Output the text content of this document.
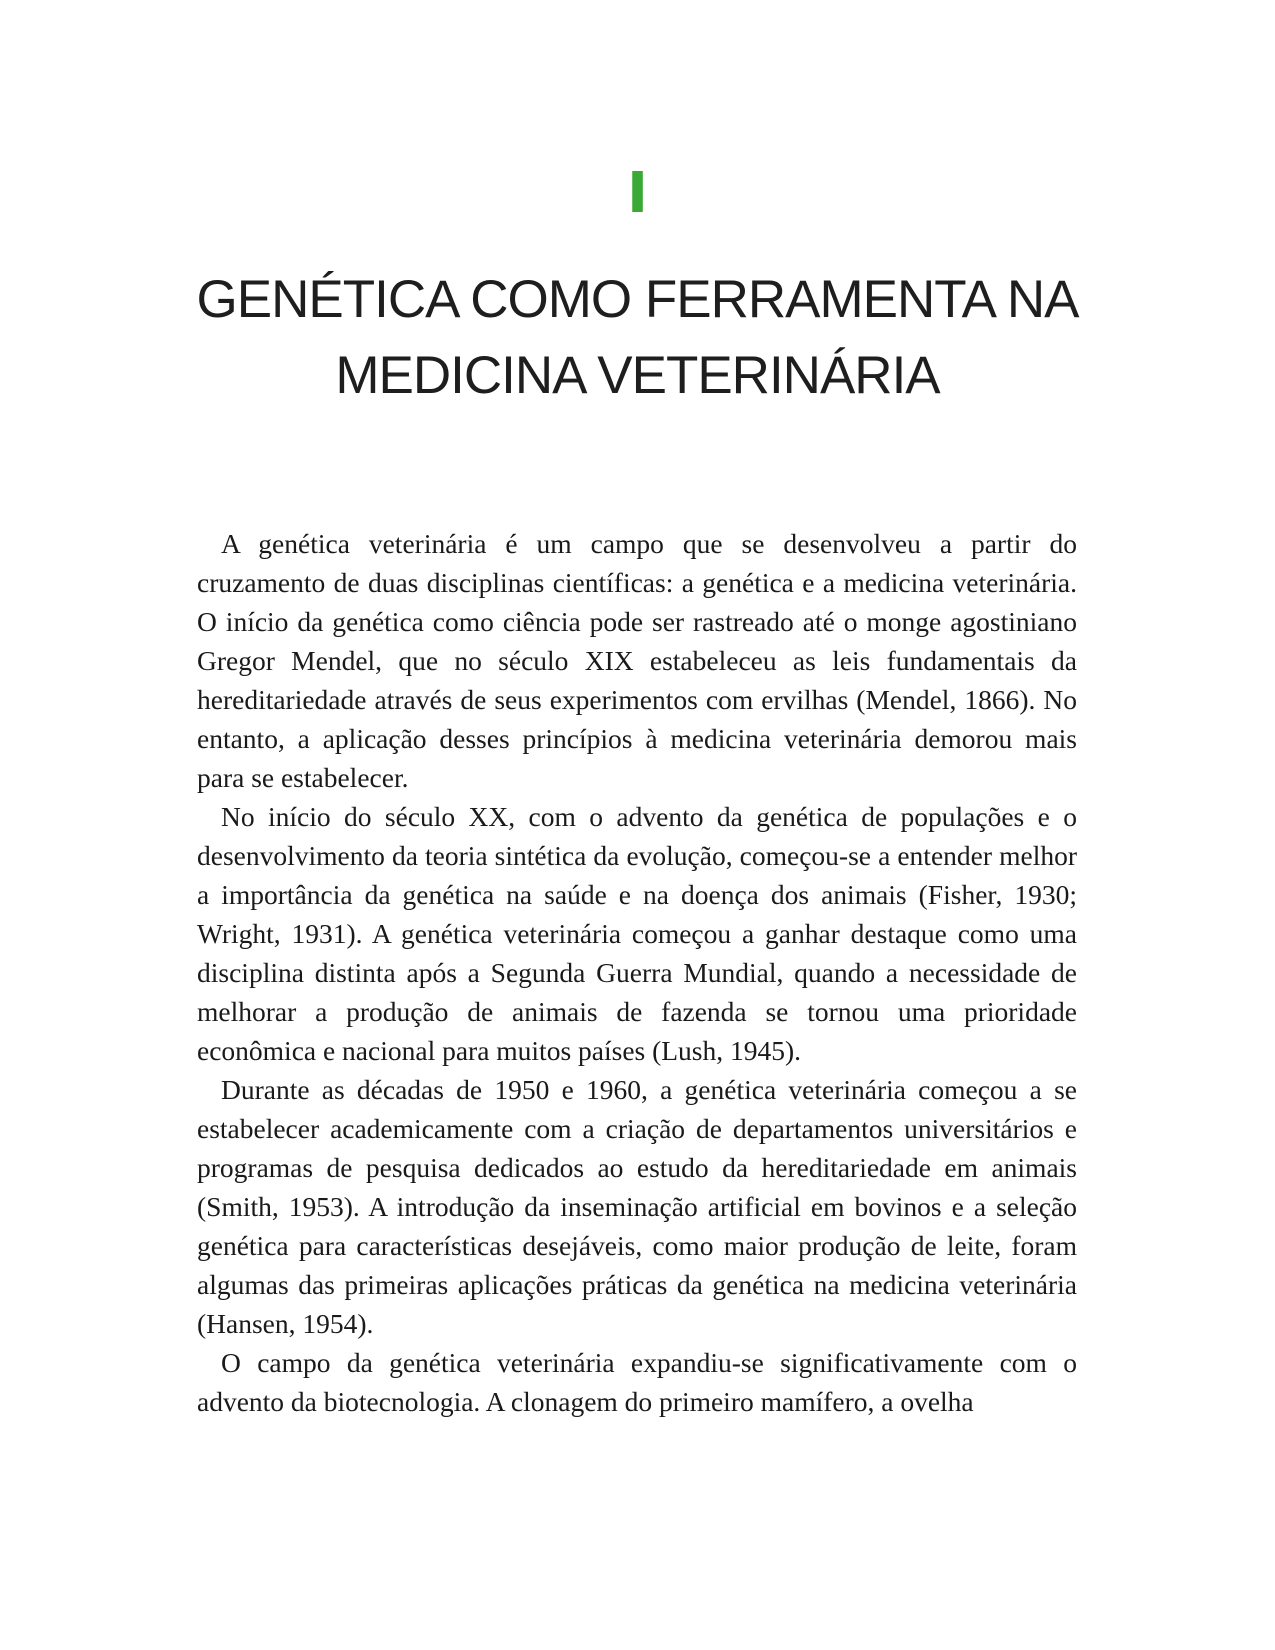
I
GENÉTICA COMO FERRAMENTA NA
MEDICINA VETERINÁRIA

A genética veterinária é um campo que se desenvolveu a partir do cruzamento de duas disciplinas científicas: a genética e a medicina veterinária. O início da genética como ciência pode ser rastreado até o monge agostiniano Gregor Mendel, que no século XIX estabeleceu as leis fundamentais da hereditariedade através de seus experimentos com ervilhas (Mendel, 1866). No entanto, a aplicação desses princípios à medicina veterinária demorou mais para se estabelecer.

No início do século XX, com o advento da genética de populações e o desenvolvimento da teoria sintética da evolução, começou-se a entender melhor a importância da genética na saúde e na doença dos animais (Fisher, 1930; Wright, 1931). A genética veterinária começou a ganhar destaque como uma disciplina distinta após a Segunda Guerra Mundial, quando a necessidade de melhorar a produção de animais de fazenda se tornou uma prioridade econômica e nacional para muitos países (Lush, 1945).

Durante as décadas de 1950 e 1960, a genética veterinária começou a se estabelecer academicamente com a criação de departamentos universitários e programas de pesquisa dedicados ao estudo da hereditariedade em animais (Smith, 1953). A introdução da inseminação artificial em bovinos e a seleção genética para características desejáveis, como maior produção de leite, foram algumas das primeiras aplicações práticas da genética na medicina veterinária (Hansen, 1954).

O campo da genética veterinária expandiu-se significativamente com o advento da biotecnologia. A clonagem do primeiro mamífero, a ovelha
